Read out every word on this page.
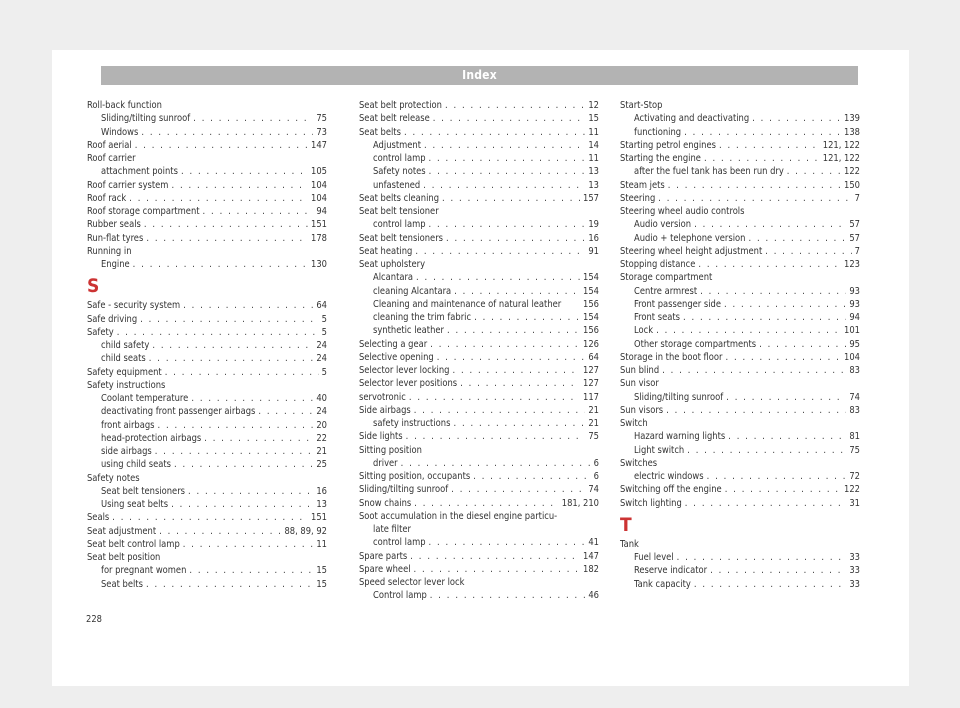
Index
Roll-back function
Sliding/tilting sunroof . . .	75
Windows . . .	73
Roof aerial . . .	147
Roof carrier
attachment points . . .	105
Roof carrier system . . .	104
Roof rack . . .	104
Roof storage compartment . . .	94
Rubber seals . . .	151
Run-flat tyres . . .	178
Running in
Engine . . .	130
S
Safe - security system . . .	64
Safe driving . . .	5
Safety . . .	5
child safety . . .	24
child seats . . .	24
Safety equipment . . .	5
Safety instructions
Coolant temperature . . .	40
deactivating front passenger airbags . . .	24
front airbags . . .	20
head-protection airbags . . .	22
side airbags . . .	21
using child seats . . .	25
Safety notes
Seat belt tensioners . . .	16
Using seat belts . . .	13
Seals . . .	151
Seat adjustment . . .	88, 89, 92
Seat belt control lamp . . .	11
Seat belt position
for pregnant women . . .	15
Seat belts . . .	15
Seat belt protection . . .	12
Seat belt release . . .	15
Seat belts . . .	11
Adjustment . . .	14
control lamp . . .	11
Safety notes . . .	13
unfastened . . .	13
Seat belts cleaning . . .	157
Seat belt tensioner
control lamp . . .	19
Seat belt tensioners . . .	16
Seat heating . . .	91
Seat upholstery
Alcantara . . .	154
cleaning Alcantara . . .	154
Cleaning and maintenance of natural leather 156
cleaning the trim fabric . . .	154
synthetic leather . . .	156
Selecting a gear . . .	126
Selective opening . . .	64
Selector lever locking . . .	127
Selector lever positions . . .	127
servotronic . . .	117
Side airbags . . .	21
safety instructions . . .	21
Side lights . . .	75
Sitting position
driver . . .	6
Sitting position, occupants . . .	6
Sliding/tilting sunroof . . .	74
Snow chains . . .	181, 210
Soot accumulation in the diesel engine particu-
late filter
control lamp . . .	41
Spare parts . . .	147
Spare wheel . . .	182
Speed selector lever lock
Control lamp . . .	46
Start-Stop
Activating and deactivating . . .	139
functioning . . .	138
Starting petrol engines . . .	121, 122
Starting the engine . . .	121, 122
after the fuel tank has been run dry . . .	122
Steam jets . . .	150
Steering . . .	7
Steering wheel audio controls
Audio version . . .	57
Audio + telephone version . . .	57
Steering wheel height adjustment . . .	7
Stopping distance . . .	123
Storage compartment
Centre armrest . . .	93
Front passenger side . . .	93
Front seats . . .	94
Lock . . .	101
Other storage compartments . . .	95
Storage in the boot floor . . .	104
Sun blind . . .	83
Sun visor
Sliding/tilting sunroof . . .	74
Sun visors . . .	83
Switch
Hazard warning lights . . .	81
Light switch . . .	75
Switches
electric windows . . .	72
Switching off the engine . . .	122
Switch lighting . . .	31
T
Tank
Fuel level . . .	33
Reserve indicator . . .	33
Tank capacity . . .	33
228
